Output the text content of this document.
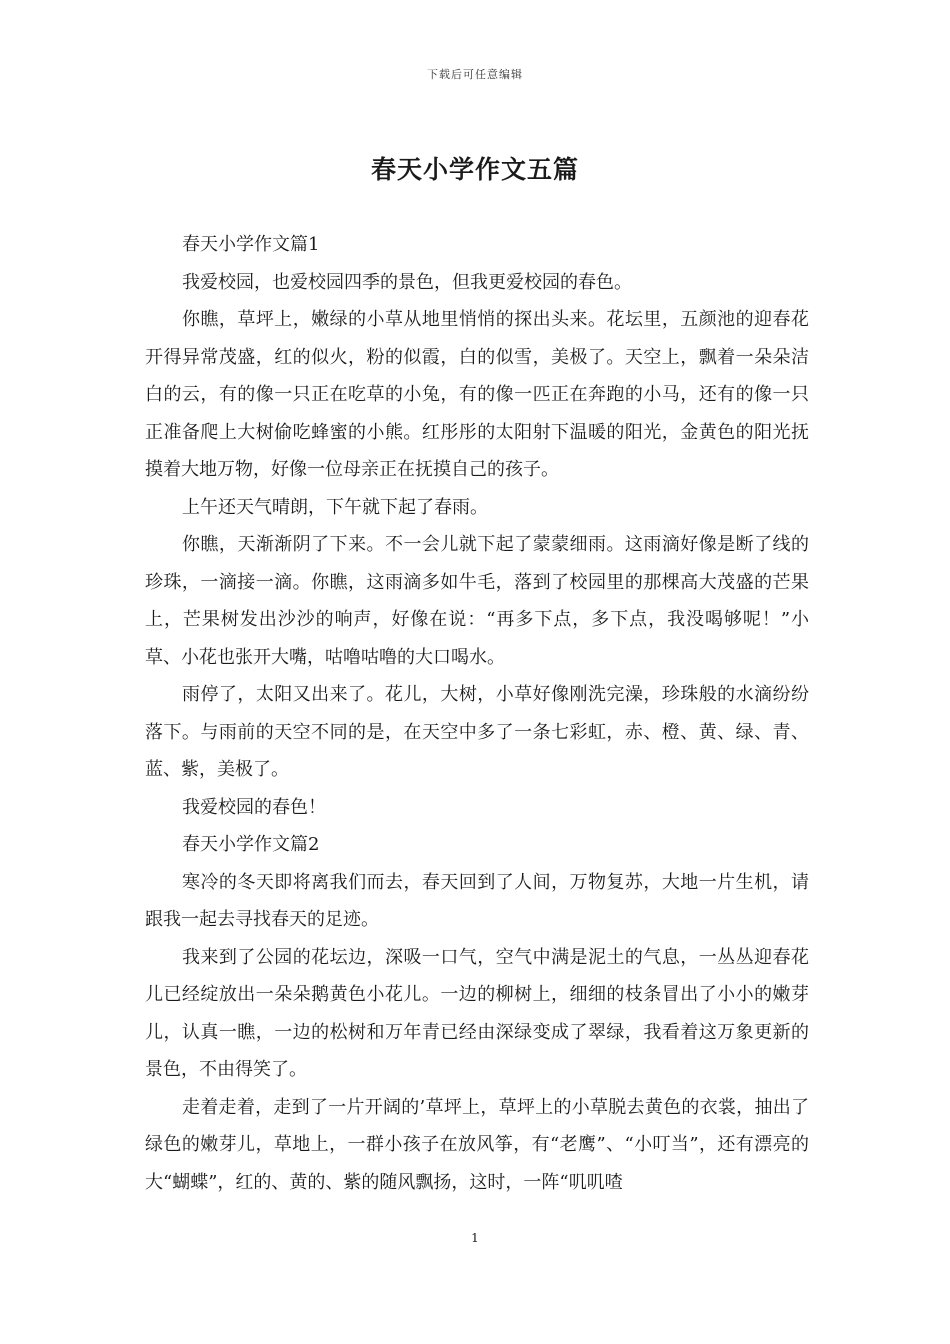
下载后可任意编辑
春天小学作文五篇

春天小学作文篇1

我爱校园，也爱校园四季的景色，但我更爱校园的春色。

你瞧，草坪上，嫩绿的小草从地里悄悄的探出头来。花坛里，五颜池的迎春花开得异常茂盛，红的似火，粉的似霞，白的似雪，美极了。天空上，飘着一朵朵洁白的云，有的像一只正在吃草的小兔，有的像一匹正在奔跑的小马，还有的像一只正准备爬上大树偷吃蜂蜜的小熊。红彤彤的太阳射下温暖的阳光，金黄色的阳光抚摸着大地万物，好像一位母亲正在抚摸自己的孩子。

上午还天气晴朗，下午就下起了春雨。

你瞧，天渐渐阴了下来。不一会儿就下起了蒙蒙细雨。这雨滴好像是断了线的珍珠，一滴接一滴。你瞧，这雨滴多如牛毛，落到了校园里的那棵高大茂盛的芒果上，芒果树发出沙沙的响声，好像在说：“再多下点，多下点，我没喝够呢！”小草、小花也张开大嘴，咕噜咕噜的大口喝水。

雨停了，太阳又出来了。花儿，大树，小草好像刚洗完澡，珍珠般的水滴纷纷落下。与雨前的天空不同的是，在天空中多了一条七彩虹，赤、橙、黄、绿、青、蓝、紫，美极了。

我爱校园的春色！

春天小学作文篇2

寒冷的冬天即将离我们而去，春天回到了人间，万物复苏，大地一片生机，请跟我一起去寻找春天的足迹。

我来到了公园的花坛边，深吸一口气，空气中满是泥土的气息，一丛丛迎春花儿已经绽放出一朵朵鹅黄色小花儿。一边的柳树上，细细的枝条冒出了小小的嫩芽儿，认真一瞧，一边的松树和万年青已经由深绿变成了翠绿，我看着这万象更新的景色，不由得笑了。

走着走着，走到了一片开阔的’草坪上，草坪上的小草脱去黄色的衣裳，抽出了绿色的嫩芽儿，草地上，一群小孩子在放风筝，有“老鹰”、“小叮当”，还有漂亮的大“蝴蝶”，红的、黄的、紫的随风飘扬，这时，一阵“叽叽喳

1
